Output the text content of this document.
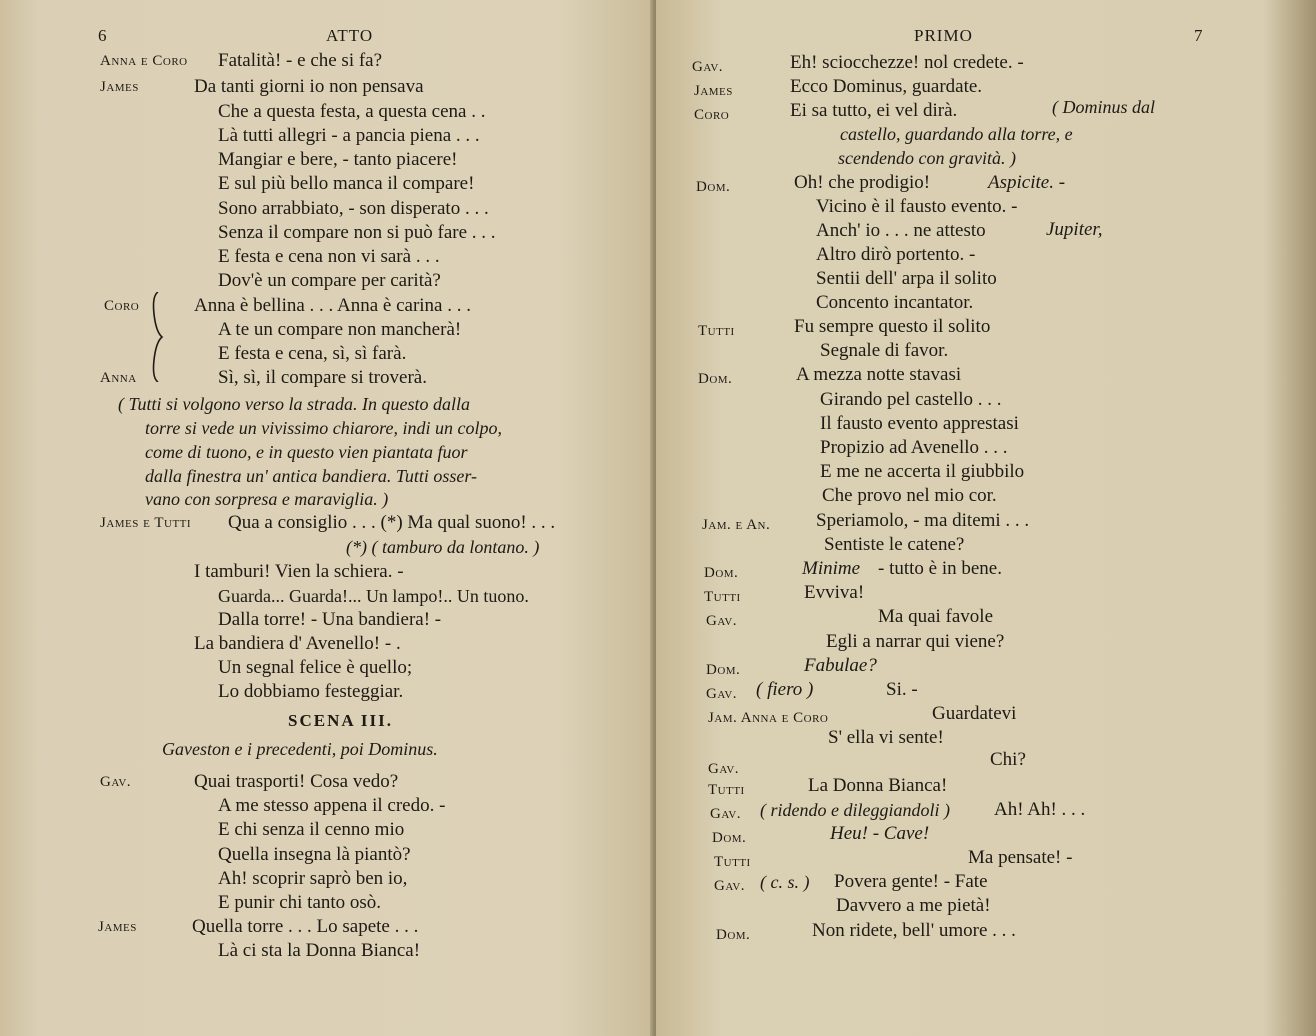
6	ATTO
Anna e Coro Fatalità! - e che si fa?
James	Da tanti giorni io non pensava
Che a questa festa, a questa cena . .
Là tutti allegri - a pancia piena . . .
Mangiar e bere, - tanto piacere!
E sul più bello manca il compare!
Sono arrabbiato, - son disperato . . .
Senza il compare non si può fare . . .
E festa e cena non vi sarà . . .
Dov'è un compare per carità?
Coro	Anna è bellina . . . Anna è carina . . .
A te un compare non mancherà!
E festa e cena, sì, sì farà.
Anna	Sì, sì, il compare si troverà.
( Tutti si volgono verso la strada. In questo dalla
torre si vede un vivissimo chiarore, indi un colpo,
come di tuono, e in questo vien piantata fuor
dalla finestra un' antica bandiera. Tutti osser-
vano con sorpresa e maraviglia. )
James e Tutti Qua a consiglio . . . (*) Ma qual suono! . . .
(*) ( tamburo da lontano. )
I tamburi! Vien la schiera. -
Guarda... Guarda!... Un lampo!.. Un tuono.
Dalla torre! - Una bandiera! -
La bandiera d' Avenello! - .
Un segnal felice è quello;
Lo dobbiamo festeggiar.
SCENA III.
Gaveston e i precedenti, poi Dominus.
Gav.	Quai trasporti! Cosa vedo?
A me stesso appena il credo. -
E chi senza il cenno mio
Quella insegna là piantò?
Ah! scoprir saprò ben io,
E punir chi tanto osò.
James	Quella torre . . . Lo sapete . . .
Là ci sta la Donna Bianca!
PRIMO	7
Gav.	Eh! sciocchezze! nol credete. -
James	Ecco Dominus, guardate.
Coro	Ei sa tutto, ei vel dirà.	( Dominus dal
castello, guardando alla torre, e
scendendo con gravità. )
Dom.	Oh! che prodigio!	Aspicite. -
Vicino è il fausto evento. -
Anch' io . . . ne attesto	Jupiter,
Altro dirò portento. -
Sentii dell' arpa il solito
Concento incantator.
Tutti	Fu sempre questo il solito
Segnale di favor.
Dom.	A mezza notte stavasi
Girando pel castello . . .
Il fausto evento apprestasi
Propizio ad Avenello . . .
E me ne accerta il giubbilo
Che provo nel mio cor.
Jam. e An. Speriamolo, - ma ditemi . . .
Sentiste le catene?
Dom.	Minime - tutto è in bene.
Tutti	Evviva!
Gav.	Ma quai favole
Egli a narrar qui viene?
Dom.	Fabulae?
Gav. ( fiero )	Si. -
Jam. Anna e Coro	Guardatevi
S' ella vi sente!
Gav.	Chi?
Tutti	La Donna Bianca!
Gav. ( ridendo e dileggiandoli ) Ah! Ah! . . .
Dom.	Heu! - Cave!
Tutti	Ma pensate! -
Gav. ( c. s. ) Povera gente! - Fate
Davvero a me pietà!
Dom.	Non ridete, bell' umore . . .
